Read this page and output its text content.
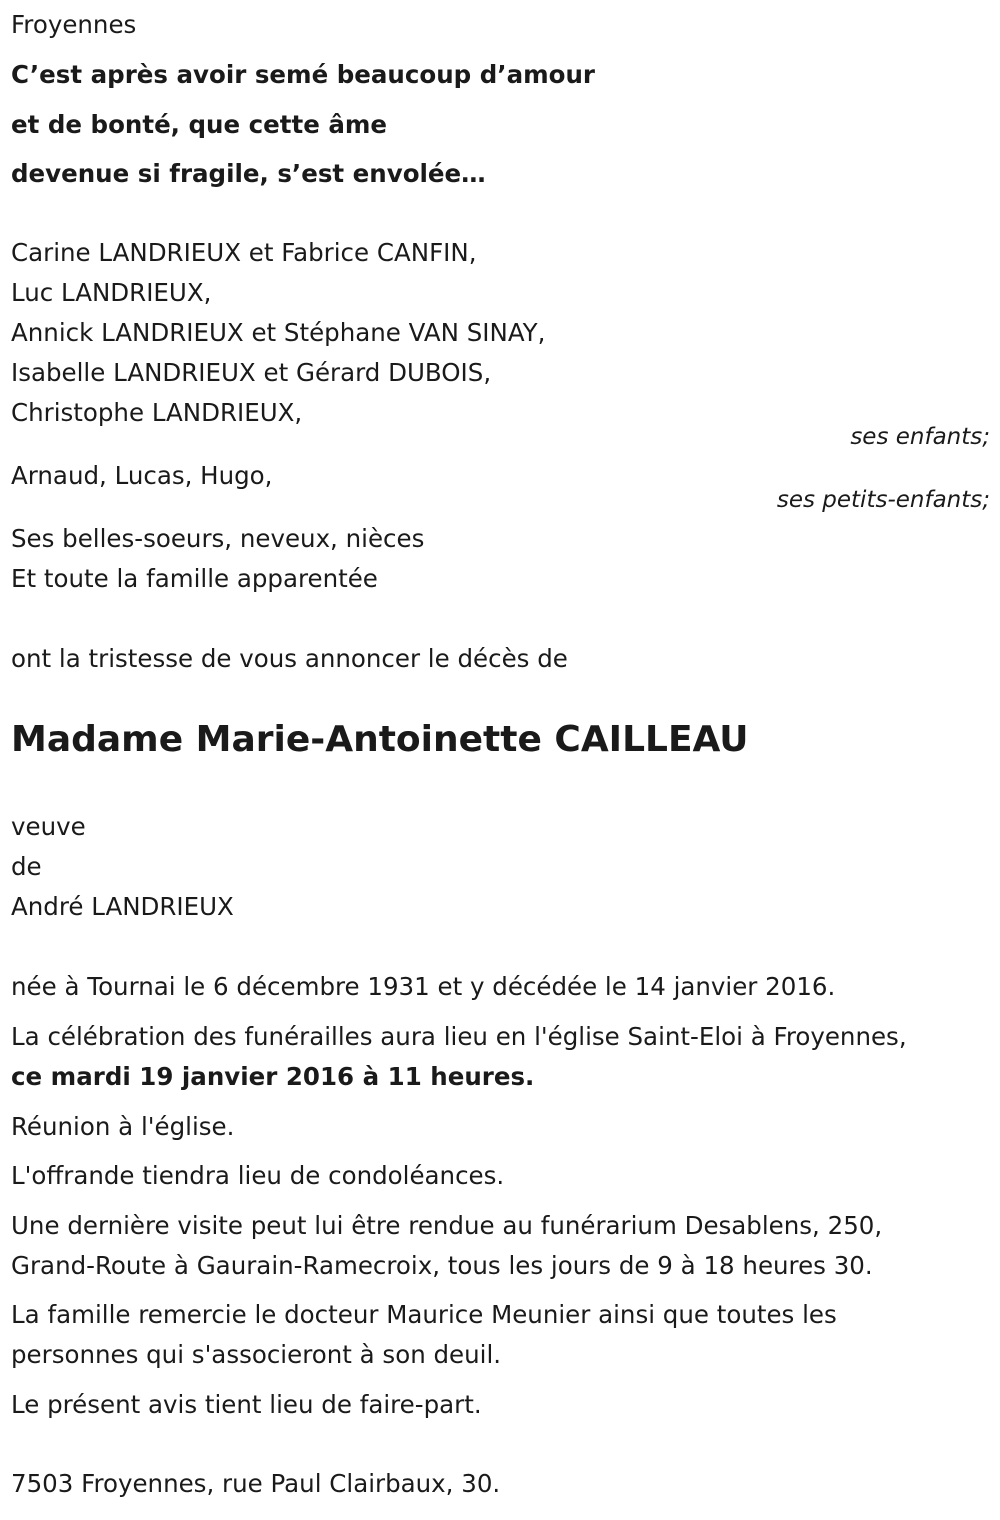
Froyennes

C’est après avoir semé beaucoup d’amour

et de bonté, que cette âme

devenue si fragile, s’est envolée…

Carine LANDRIEUX et Fabrice CANFIN,

Luc LANDRIEUX,

Annick LANDRIEUX et Stéphane VAN SINAY,

Isabelle LANDRIEUX et Gérard DUBOIS,

Christophe LANDRIEUX,

ses enfants;

Arnaud, Lucas, Hugo,

ses petits-enfants;

Ses belles-soeurs, neveux, nièces

Et toute la famille apparentée

ont la tristesse de vous annoncer le décès de

Madame Marie-Antoinette CAILLEAU

veuve

de

André LANDRIEUX

née à Tournai le 6 décembre 1931 et y décédée le 14 janvier 2016.

La célébration des funérailles aura lieu en l'église Saint-Eloi à Froyennes,

ce mardi 19 janvier 2016 à 11 heures.

Réunion à l'église.

L'offrande tiendra lieu de condoléances.

Une dernière visite peut lui être rendue au funérarium Desablens, 250,

Grand-Route à Gaurain-Ramecroix, tous les jours de 9 à 18 heures 30.

La famille remercie le docteur Maurice Meunier ainsi que toutes les

personnes qui s'associeront à son deuil.

Le présent avis tient lieu de faire-part.

7503 Froyennes, rue Paul Clairbaux, 30.
